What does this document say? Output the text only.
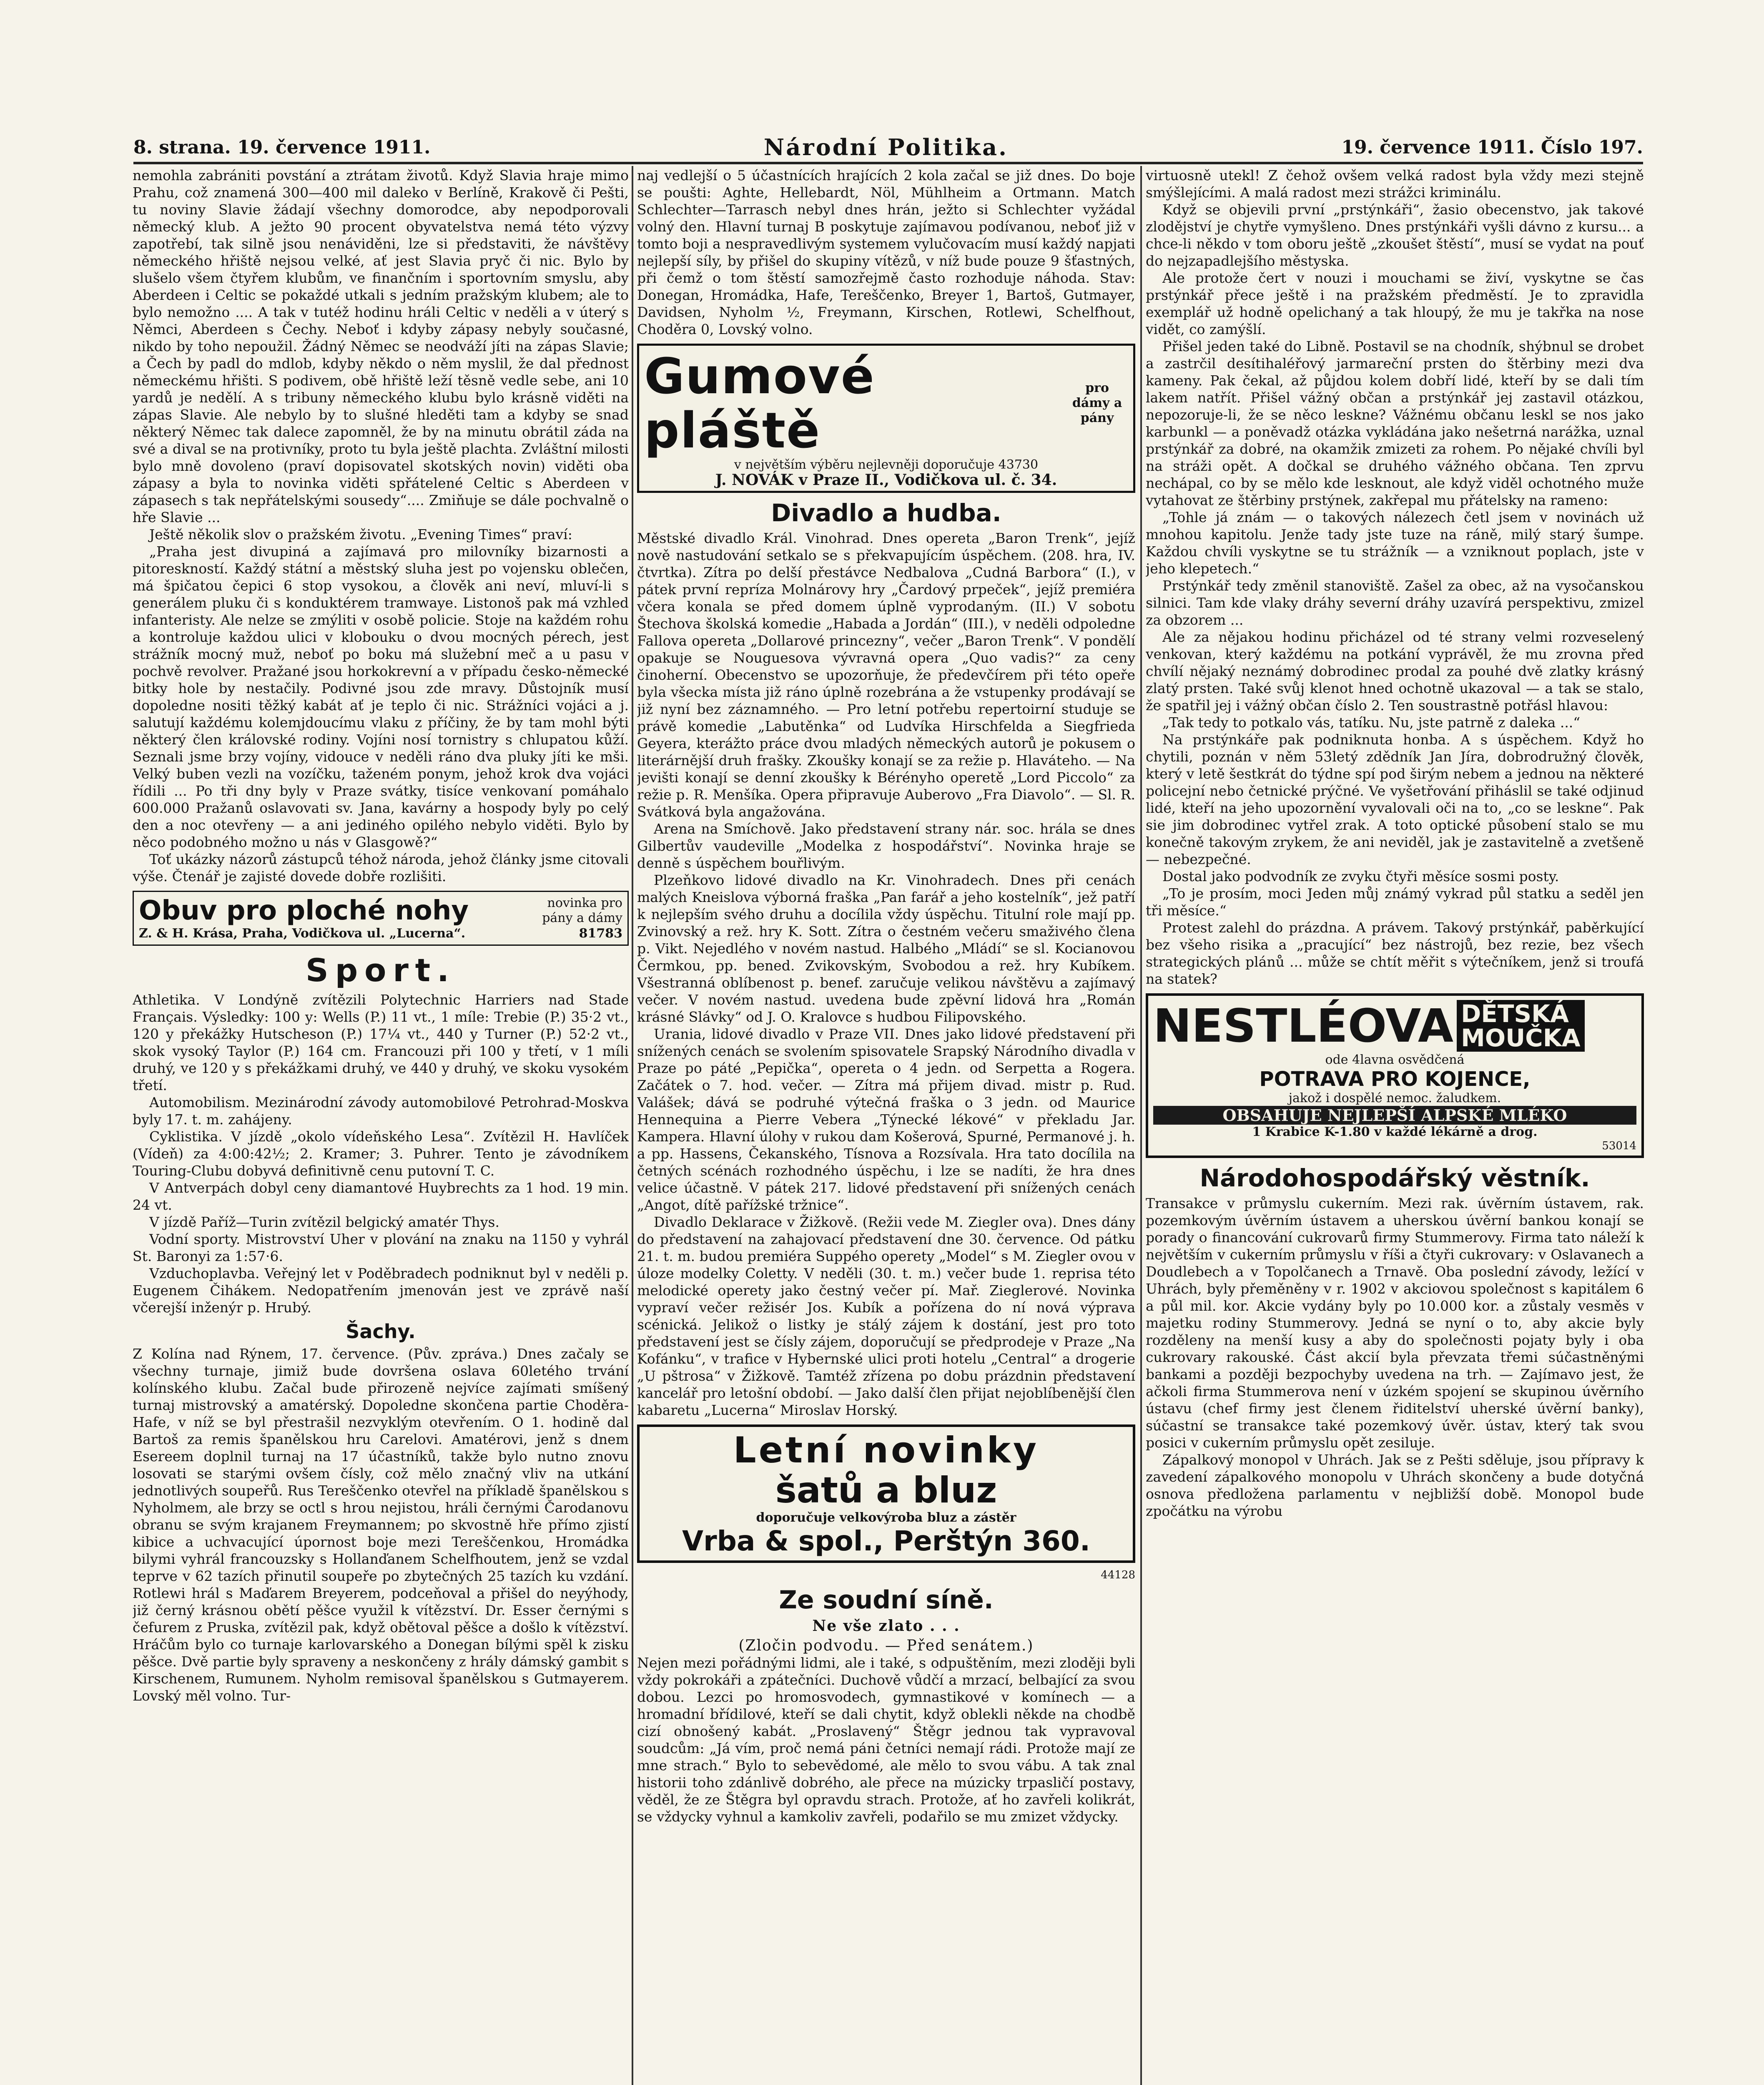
8. strana. 19. července 1911.	Národní Politika.	19. července 1911. Číslo 197.

nemohla zabrániti povstání a ztrátam životů. Když Slavia hraje mimo Prahu, což znamená 300—400 mil daleko v Berlíně, Krakově či Pešti, tu noviny Slavie žádají všechny domorodce, aby nepodporovali německý klub. A ježto 90 procent obyvatelstva nemá této výzvy zapotřebí, tak silně jsou nenáviděni, lze si představiti, že návštěvy německého hřiště nejsou velké, ať jest Slavia pryč či nic. Bylo by slušelo všem čtyřem klubům, ve finančním i sportovním smyslu, aby Aberdeen i Celtic se pokaždé utkali s jedním pražským klubem; ale to bylo nemožno .... A tak v tutéž hodinu hráli Celtic v neděli a v úterý s Němci, Aberdeen s Čechy. Neboť i kdyby zápasy nebyly současné, nikdo by toho nepoužil. Žádný Němec se neodváží jíti na zápas Slavie; a Čech by padl do mdlob, kdyby někdo o něm myslil, že dal přednost německému hřišti. S podivem, obě hřiště leží těsně vedle sebe, ani 10 yardů je nedělí. A s tribuny německého klubu bylo krásně viděti na zápas Slavie. Ale nebylo by to slušné hleděti tam a kdyby se snad některý Němec tak dalece zapomněl, že by na minutu obrátil záda na své a dival se na protivníky, proto tu byla ještě plachta. Zvláštní milosti bylo mně dovoleno (praví dopisovatel skotských novin) viděti oba zápasy a byla to novinka viděti spřátelené Celtic s Aberdeen v zápasech s tak nepřátelskými sousedy“.... Zmiňuje se dále pochvalně o hře Slavie ...

Ještě několik slov o pražském životu. „Evening Times“ praví:

„Praha jest divupiná a zajímavá pro milovníky bizarnosti a pitoreskností. Každý státní a městský sluha jest po vojensku oblečen, má špičatou čepici 6 stop vysokou, a člověk ani neví, mluví-li s generálem pluku či s konduktérem tramwaye. Listonoš pak má vzhled infanteristy. Ale nelze se zmýliti v osobě policie. Stoje na každém rohu a kontroluje každou ulici v klobouku o dvou mocných pérech, jest strážník mocný muž, neboť po boku má služební meč a u pasu v pochvě revolver. Pražané jsou horkokrevní a v případu česko-německé bitky hole by nestačily. Podivné jsou zde mravy. Důstojník musí dopoledne nositi těžký kabát ať je teplo či nic. Strážníci vojáci a j. salutují každému kolemjdoucímu vlaku z příčiny, že by tam mohl býti některý člen královské rodiny. Vojíni nosí tornistry s chlupatou kůží. Seznali jsme brzy vojíny, vidouce v neděli ráno dva pluky jíti ke mši. Velký buben vezli na vozíčku, taženém ponym, jehož krok dva vojáci řídili ... Po tři dny byly v Praze svátky, tisíce venkovaní pomáhalo 600.000 Pražanů oslavovati sv. Jana, kavárny a hospody byly po celý den a noc otevřeny — a ani jediného opilého nebylo viděti. Bylo by něco podobného možno u nás v Glasgowě?“

Toť ukázky názorů zástupců téhož národa, jehož články jsme citovali výše. Čtenář je zajisté dovede dobře rozlišiti.

Obuv pro ploché nohy	novinka pro pány a dámy
Z. & H. Krása, Praha, Vodičkova ul. „Lucerna“.	81783
Sport.

Athletika. V Londýně zvítězili Polytechnic Harriers nad Stade Français. Výsledky: 100 y: Wells (P.) 11 vt., 1 míle: Trebie (P.) 35·2 vt., 120 y překážky Hutscheson (P.) 17¼ vt., 440 y Turner (P.) 52·2 vt., skok vysoký Taylor (P.) 164 cm. Francouzi při 100 y třetí, v 1 míli druhý, ve 120 y s překážkami druhý, ve 440 y druhý, ve skoku vysokém třetí.

Automobilism. Mezinárodní závody automobilové Petrohrad-Moskva byly 17. t. m. zahájeny.

Cyklistika. V jízdě „okolo vídeňského Lesa“. Zvítězil H. Havlíček (Vídeň) za 4:00:42½; 2. Kramer; 3. Puhrer. Tento je závodníkem Touring-Clubu dobyvá definitivně cenu putovní T. C.

V Antverpách dobyl ceny diamantové Huybrechts za 1 hod. 19 min. 24 vt.

V jízdě Paříž—Turin zvítězil belgický amatér Thys.

Vodní sporty. Mistrovství Uher v plování na znaku na 1150 y vyhrál St. Baronyi za 1:57·6.

Vzduchoplavba. Veřejný let v Poděbradech podniknut byl v neděli p. Eugenem Čihákem. Nedopatřením jmenován jest ve zprávě naší včerejší inženýr p. Hrubý.

Šachy.

Z Kolína nad Rýnem, 17. července. (Pův. zpráva.) Dnes začaly se všechny turnaje, jimiž bude dovršena oslava 60letého trvání kolínského klubu. Začal bude přirozeně nejvíce zajímati smíšený turnaj mistrovský a amatérský. Dopoledne skončena partie Choděra-Hafe, v níž se byl přestrašil nezvyklým otevřením. O 1. hodině dal Bartoš za remis španělskou hru Carelovi. Amatérovi, jenž s dnem Esereem doplnil turnaj na 17 účastníků, takže bylo nutno znovu losovati se starými ovšem čísly, což mělo značný vliv na utkání jednotlivých soupeřů. Rus Tereščenko otevřel na příkladě španělskou s Nyholmem, ale brzy se octl s hrou nejistou, hráli černými Čarodanovu obranu se svým krajanem Freymannem; po skvostně hře přímo zjistí kibice a uchvacující úpornost boje mezi Tereščenkou, Hromádka bilymi vyhrál francouzsky s Hollanďanem Schelfhoutem, jenž se vzdal teprve v 62 tazích přinutil soupeře po zbytečných 25 tazích ku vzdání. Rotlewi hrál s Maďarem Breyerem, podceňoval a přišel do neyýhody, již černý krásnou obětí pěšce využil k vítězství. Dr. Esser černými s čefurem z Pruska, zvítězil pak, když obětoval pěšce a došlo k vítězství. Hráčům bylo co turnaje karlovarského a Donegan bílými spěl k zisku pěšce. Dvě partie byly spraveny a neskončeny z hrály dámský gambit s Kirschenem, Rumunem. Nyholm remisoval španělskou s Gutmayerem. Lovský měl volno. Tur-

naj vedlejší o 5 účastnících hrajících 2 kola začal se již dnes. Do boje se poušti: Aghte, Hellebardt, Nöl, Mühlheim a Ortmann. Match Schlechter—Tarrasch nebyl dnes hrán, ježto si Schlechter vyžádal volný den. Hlavní turnaj B poskytuje zajímavou podívanou, neboť již v tomto boji a nespravedlivým systemem vylučovacím musí každý napjati nejlepší síly, by přišel do skupiny vítězů, v níž bude pouze 9 šťastných, při čemž o tom štěstí samozřejmě často rozhoduje náhoda. Stav: Donegan, Hromádka, Hafe, Tereščenko, Breyer 1, Bartoš, Gutmayer, Davidsen, Nyholm ½, Freymann, Kirschen, Rotlewi, Schelfhout, Choděra 0, Lovský volno.

Gumové pláště
pro dámy a pány
v největším výběru nejlevněji doporučuje 43730
J. NOVÁK v Praze II., Vodičkova ul. č. 34.
Divadlo a hudba.

Městské divadlo Král. Vinohrad. Dnes opereta „Baron Trenk“, jejíž nově nastudování setkalo se s překvapujícím úspěchem. (208. hra, IV. čtvrtka). Zítra po delší přestávce Nedbalova „Cudná Barbora“ (I.), v pátek první repríza Molnárovy hry „Čardový prpeček“, jejíž premiéra včera konala se před domem úplně vyprodaným. (II.) V sobotu Štechova školská komedie „Habada a Jordán“ (III.), v neděli odpoledne Fallova opereta „Dollarové princezny“, večer „Baron Trenk“. V pondělí opakuje se Nouguesova vývravná opera „Quo vadis?“ za ceny činoherní. Obecenstvo se upozorňuje, že předevčírem při této opeře byla všecka místa již ráno úplně rozebrána a že vstupenky prodávají se již nyní bez záznamného. — Pro letní potřebu repertoirní studuje se právě komedie „Labutěnka“ od Ludvíka Hirschfelda a Siegfrieda Geyera, kterážto práce dvou mladých německých autorů je pokusem o literárnější druh frašky. Zkoušky konají se za režie p. Hlaváteho. — Na jevišti konají se denní zkoušky k Bérényho operetě „Lord Piccolo“ za režie p. R. Menšíka. Opera připravuje Auberovo „Fra Diavolo“. — Sl. R. Svátková byla angažována.

Arena na Smíchově. Jako představení strany nár. soc. hrála se dnes Gilbertův vaudeville „Modelka z hospodářství“. Novinka hraje se denně s úspěchem bouřlivým.

Plzeňkovo lidové divadlo na Kr. Vinohradech. Dnes při cenách malých Kneislova výborná fraška „Pan farář a jeho kostelník“, jež patří k nejlepším svého druhu a docílila vždy úspěchu. Titulní role mají pp. Zvinovský a rež. hry K. Sott. Zítra o čestném večeru smaživého člena p. Vikt. Nejedlého v novém nastud. Halbého „Mládí“ se sl. Kocianovou Čermkou, pp. bened. Zvikovským, Svobodou a rež. hry Kubíkem. Všestranná oblíbenost p. benef. zaručuje velikou návštěvu a zajímavý večer. V novém nastud. uvedena bude zpěvní lidová hra „Román krásné Slávky“ od J. O. Kralovce s hudbou Filipovského.

Urania, lidové divadlo v Praze VII. Dnes jako lidové představení při snížených cenách se svolením spisovatele Srapský Národního divadla v Praze po páté „Pepička“, opereta o 4 jedn. od Serpetta a Rogera. Začátek o 7. hod. večer. — Zítra má přijem divad. mistr p. Rud. Valášek; dává se podruhé výtečná fraška o 3 jedn. od Maurice Hennequina a Pierre Vebera „Týnecké lékové“ v překladu Jar. Kampera. Hlavní úlohy v rukou dam Košerová, Spurné, Permanové j. h. a pp. Hassens, Čekanského, Tísnova a Rozsívala. Hra tato docílila na četných scénách rozhodného úspěchu, i lze se nadíti, že hra dnes velice účastně. V pátek 217. lidové představení při snížených cenách „Angot, dítě pařížské tržnice“.

Divadlo Deklarace v Žižkově. (Režii vede M. Ziegler ova). Dnes dány do představení na zahajovací představení dne 30. července. Od pátku 21. t. m. budou premiéra Suppého operety „Model“ s M. Ziegler ovou v úloze modelky Coletty. V neděli (30. t. m.) večer bude 1. reprisa této melodické operety jako čestný večer pí. Mař. Zieglerové. Novinka vypraví večer režisér Jos. Kubík a pořízena do ní nová výprava scénická. Jelikož o listky je stálý zájem k dostání, jest pro toto představení jest se čísly zájem, doporučují se předprodeje v Praze „Na Kofánku“, v trafice v Hybernské ulici proti hotelu „Central“ a drogerie „U pštrosa“ v Žižkově. Tamtéž zřízena po dobu prázdnin představení kancelář pro letošní období. — Jako další člen přijat nejoblíbenější člen kabaretu „Lucerna“ Miroslav Horský.

Letní novinky
šatů a bluz
doporučuje velkovýroba bluz a zástěr
Vrba & spol., Perštýn 360.
44128
Ze soudní síně.
Ne vše zlato . . .
(Zločin podvodu. — Před senátem.)

Nejen mezi pořádnými lidmi, ale i také, s odpuštěním, mezi zloději byli vždy pokrokáři a zpátečníci. Duchově vůdčí a mrzací, belbající za svou dobou. Lezci po hromosvodech, gymnastikové v komínech — a hromadní břídilové, kteří se dali chytit, když oblekli někde na chodbě cizí obnošený kabát. „Proslavený“ Štěgr jednou tak vypravoval soudcům: „Já vím, proč nemá páni četníci nemají rádi. Protože mají ze mne strach.“ Bylo to sebevědomé, ale mělo to svou vábu. A tak znal historii toho zdánlivě dobrého, ale přece na múzicky trpasličí postavy, věděl, že ze Štěgra byl opravdu strach. Protože, ať ho zavřeli kolikrát, se vždycky vyhnul a kamkoliv zavřeli, podařilo se mu zmizet vždycky.

virtuosně utekl! Z čehož ovšem velká radost byla vždy mezi stejně smýšlejícími. A malá radost mezi strážci kriminálu.

Když se objevili první „prstýnkáři“, žasio obecenstvo, jak takové zlodějství je chytře vymyšleno. Dnes prstýnkáři vyšli dávno z kursu... a chce-li někdo v tom oboru ještě „zkoušet štěstí“, musí se vydat na pouť do nejzapadlejšího městyska.

Ale protože čert v nouzi i mouchami se živí, vyskytne se čas prstýnkář přece ještě i na pražském předměstí. Je to zpravidla exemplář už hodně opelichaný a tak hloupý, že mu je takřka na nose vidět, co zamýšlí.

Přišel jeden také do Libně. Postavil se na chodník, shýbnul se drobet a zastrčil desítihaléřový jarmareční prsten do štěrbiny mezi dva kameny. Pak čekal, až půjdou kolem dobří lidé, kteří by se dali tím lakem natřít. Přišel vážný občan a prstýnkář jej zastavil otázkou, nepozoruje-li, že se něco leskne? Vážnému občanu leskl se nos jako karbunkl — a poněvadž otázka vykládána jako nešetrná narážka, uznal prstýnkář za dobré, na okamžik zmizeti za rohem. Po nějaké chvíli byl na stráži opět. A dočkal se druhého vážného občana. Ten zprvu nechápal, co by se mělo kde lesknout, ale když viděl ochotného muže vytahovat ze štěrbiny prstýnek, zakřepal mu přátelsky na rameno:

„Tohle já znám — o takových nálezech četl jsem v novinách už mnohou kapitolu. Jenže tady jste tuze na ráně, milý starý šumpe. Každou chvíli vyskytne se tu strážník — a vzniknout poplach, jste v jeho klepetech.“

Prstýnkář tedy změnil stanoviště. Zašel za obec, až na vysočanskou silnici. Tam kde vlaky dráhy severní dráhy uzavírá perspektivu, zmizel za obzorem ...

Ale za nějakou hodinu přicházel od té strany velmi rozveselený venkovan, který každému na potkání vyprávěl, že mu zrovna před chvílí nějaký neznámý dobrodinec prodal za pouhé dvě zlatky krásný zlatý prsten. Také svůj klenot hned ochotně ukazoval — a tak se stalo, že spatřil jej i vážný občan číslo 2. Ten soustrastně potřásl hlavou:

„Tak tedy to potkalo vás, tatíku. Nu, jste patrně z daleka ...“

Na prstýnkáře pak podniknuta honba. A s úspěchem. Když ho chytili, poznán v něm 53letý zdědník Jan Jíra, dobrodružný člověk, který v letě šestkrát do týdne spí pod širým nebem a jednou na některé policejní nebo četnické prýčné. Ve vyšetřování přiháslil se také odjinud lidé, kteří na jeho upozornění vyvalovali oči na to, „co se leskne“. Pak sie jim dobrodinec vytřel zrak. A toto optické působení stalo se mu konečně takovým zrykem, že ani neviděl, jak je zastavitelně a zvetšeně — nebezpečné.

Dostal jako podvodník ze zvyku čtyři měsíce sosmi posty.

„To je prosím, moci Jeden můj známý vykrad půl statku a seděl jen tři měsíce.“

Protest zalehl do prázdna. A právem. Takový prstýnkář, paběrkující bez všeho risika a „pracující“ bez nástrojů, bez rezie, bez všech strategických plánů ... může se chtít měřit s výtečníkem, jenž si troufá na statek?

NESTLÉOVA DĚTSKÁ
MOUČKA
ode 4lavna osvědčená
POTRAVA PRO KOJENCE,
jakož i dospělé nemoc. žaludkem.
OBSAHUJE NEJLEPŠÍ ALPSKÉ MLÉKO
1 Krabice K-1.80 v každé lékárně a drog.
53014
Národohospodářský věstník.

Transakce v průmyslu cukerním. Mezi rak. úvěrním ústavem, rak. pozemkovým úvěrním ústavem a uherskou úvěrní bankou konají se porady o financování cukrovarů firmy Stummerovy. Firma tato náleží k největším v cukerním průmyslu v říši a čtyři cukrovary: v Oslavanech a Doudlebech a v Topolčanech a Trnavě. Oba poslední závody, ležící v Uhrách, byly přeměněny v r. 1902 v akciovou společnost s kapitálem 6 a půl mil. kor. Akcie vydány byly po 10.000 kor. a zůstaly vesměs v majetku rodiny Stummerovy. Jedná se nyní o to, aby akcie byly rozděleny na menší kusy a aby do společnosti pojaty byly i oba cukrovary rakouské. Část akcií byla převzata třemi súčastněnými bankami a později bezpochyby uvedena na trh. — Zajímavo jest, že ačkoli firma Stummerova není v úzkém spojení se skupinou úvěrního ústavu (chef firmy jest členem řiditelství uherské úvěrní banky), súčastní se transakce také pozemkový úvěr. ústav, který tak svou posici v cukerním průmyslu opět zesiluje.

Zápalkový monopol v Uhrách. Jak se z Pešti sděluje, jsou přípravy k zavedení zápalkového monopolu v Uhrách skončeny a bude dotyčná osnova předložena parlamentu v nejbližší době. Monopol bude zpočátku na výrobu
